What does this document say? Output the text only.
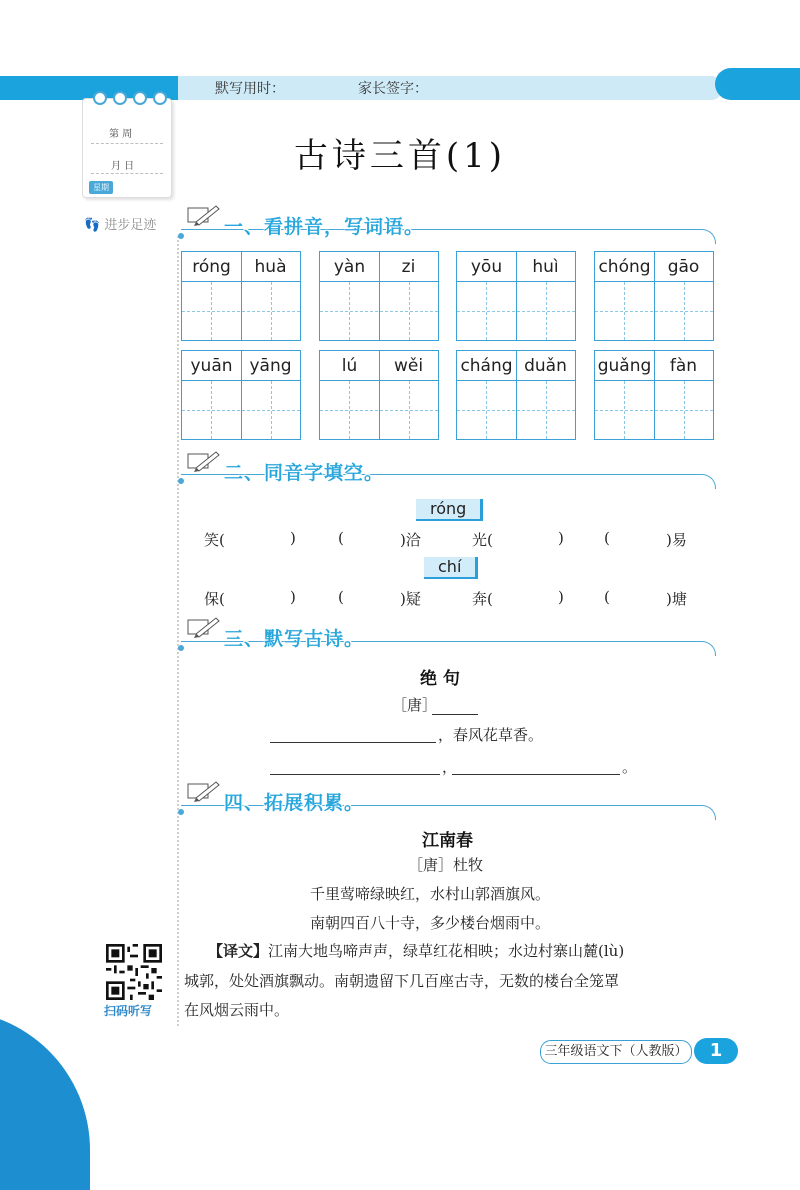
默写用时：	家长签字：
第 周
月 日
星期
👣 进步足迹
古诗三首(1)
一、看拼音，写词语。
róng	huà	yàn	zi	yōu	huì	chóng	gāo
yuān yāng	lú	wěi	cháng duǎn	guǎng	fàn
二、同音字填空。
róng
笑(	)	(	)洽	光(	)	(	)易
chí
保(	)	(	)疑	奔(	)	(	)塘
三、默写古诗。
绝 句
［唐］
，春风花草香。
，	。
四、拓展积累。
江南春
［唐］杜牧
千里莺啼绿映红，水村山郭酒旗风。
南朝四百八十寺，多少楼台烟雨中。
【译文】江南大地鸟啼声声，绿草红花相映；水边村寨山麓(lù)
城郭，处处酒旗飘动。南朝遗留下几百座古寺，无数的楼台全笼罩
在风烟云雨中。
扫码听写
三年级语文下（人教版）	1
